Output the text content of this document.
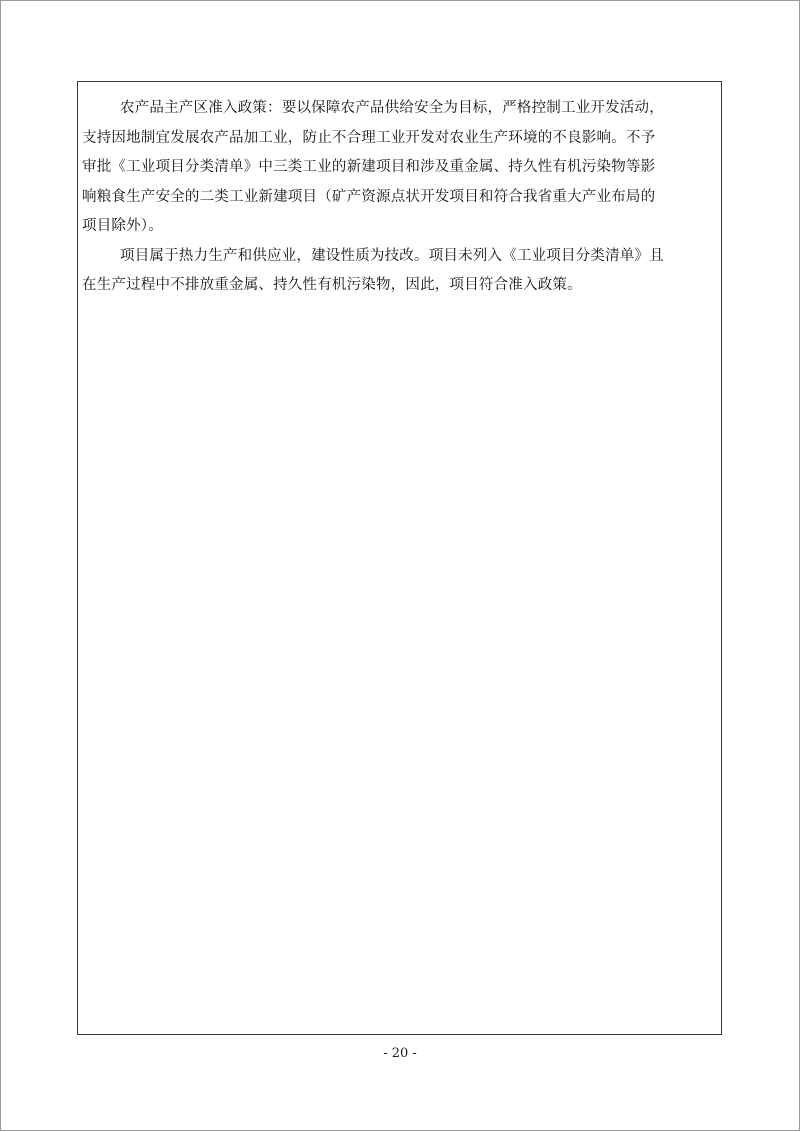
农产品主产区准入政策：要以保障农产品供给安全为目标，严格控制工业开发活动，
支持因地制宜发展农产品加工业，防止不合理工业开发对农业生产环境的不良影响。不予
审批《工业项目分类清单》中三类工业的新建项目和涉及重金属、持久性有机污染物等影
响粮食生产安全的二类工业新建项目（矿产资源点状开发项目和符合我省重大产业布局的
项目除外）。

项目属于热力生产和供应业，建设性质为技改。项目未列入《工业项目分类清单》且
在生产过程中不排放重金属、持久性有机污染物，因此，项目符合准入政策。

- 20 -
